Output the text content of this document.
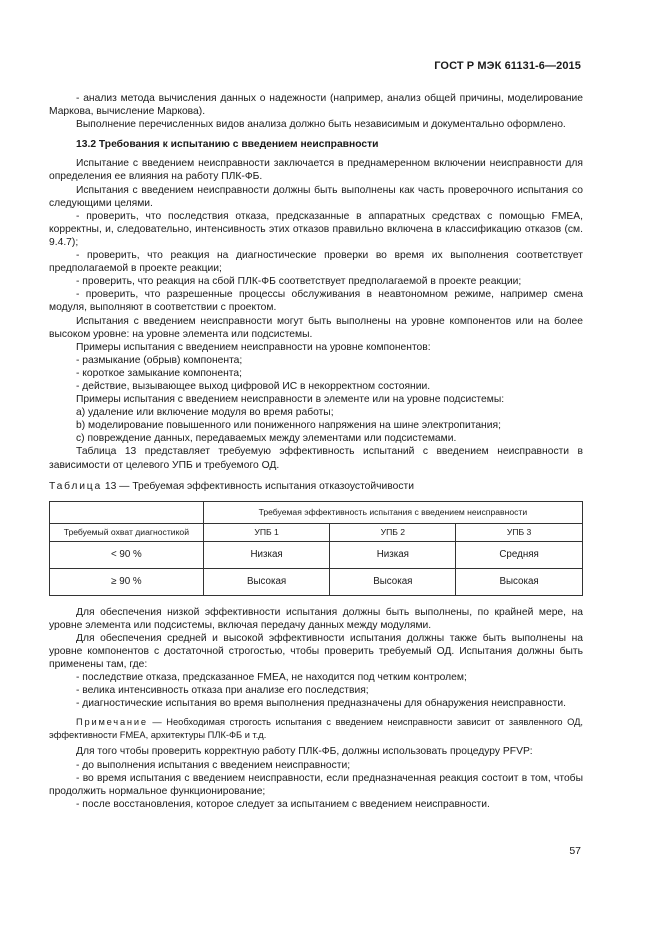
ГОСТ Р МЭК 61131-6—2015

- анализ метода вычисления данных о надежности (например, анализ общей причины, моделирование Маркова, вычисление Маркова).

Выполнение перечисленных видов анализа должно быть независимым и документально оформлено.

13.2 Требования к испытанию с введением неисправности

Испытание с введением неисправности заключается в преднамеренном включении неисправности для определения ее влияния на работу ПЛК-ФБ.

Испытания с введением неисправности должны быть выполнены как часть проверочного испытания со следующими целями.

- проверить, что последствия отказа, предсказанные в аппаратных средствах с помощью FMEA, корректны, и, следовательно, интенсивность этих отказов правильно включена в классификацию отказов (см. 9.4.7);

- проверить, что реакция на диагностические проверки во время их выполнения соответствует предполагаемой в проекте реакции;

- проверить, что реакция на сбой ПЛК-ФБ соответствует предполагаемой в проекте реакции;

- проверить, что разрешенные процессы обслуживания в неавтономном режиме, например смена модуля, выполняют в соответствии с проектом.

Испытания с введением неисправности могут быть выполнены на уровне компонентов или на более высоком уровне: на уровне элемента или подсистемы.

Примеры испытания с введением неисправности на уровне компонентов:

- размыкание (обрыв) компонента;

- короткое замыкание компонента;

- действие, вызывающее выход цифровой ИС в некорректном состоянии.

Примеры испытания с введением неисправности в элементе или на уровне подсистемы:

a) удаление или включение модуля во время работы;

b) моделирование повышенного или пониженного напряжения на шине электропитания;

c) повреждение данных, передаваемых между элементами или подсистемами.

Таблица 13 представляет требуемую эффективность испытаний с введением неисправности в зависимости от целевого УПБ и требуемого ОД.

Таблица 13 — Требуемая эффективность испытания отказоустойчивости

	Требуемая эффективность испытания с введением неисправности		
Требуемый охват диагностикой	УПБ 1	УПБ 2	УПБ 3
< 90 %	Низкая	Низкая	Средняя
≥ 90 %	Высокая	Высокая	Высокая

Для обеспечения низкой эффективности испытания должны быть выполнены, по крайней мере, на уровне элемента или подсистемы, включая передачу данных между модулями.

Для обеспечения средней и высокой эффективности испытания должны также быть выполнены на уровне компонентов с достаточной строгостью, чтобы проверить требуемый ОД. Испытания должны быть применены там, где:

- последствие отказа, предсказанное FMEA, не находится под четким контролем;

- велика интенсивность отказа при анализе его последствия;

- диагностические испытания во время выполнения предназначены для обнаружения неисправности.

Примечание — Необходимая строгость испытания с введением неисправности зависит от заявленного ОД, эффективности FMEA, архитектуры ПЛК-ФБ и т.д.

Для того чтобы проверить корректную работу ПЛК-ФБ, должны использовать процедуру PFVP:

- до выполнения испытания с введением неисправности;

- во время испытания с введением неисправности, если предназначенная реакция состоит в том, чтобы продолжить нормальное функционирование;

- после восстановления, которое следует за испытанием с введением неисправности.

57
